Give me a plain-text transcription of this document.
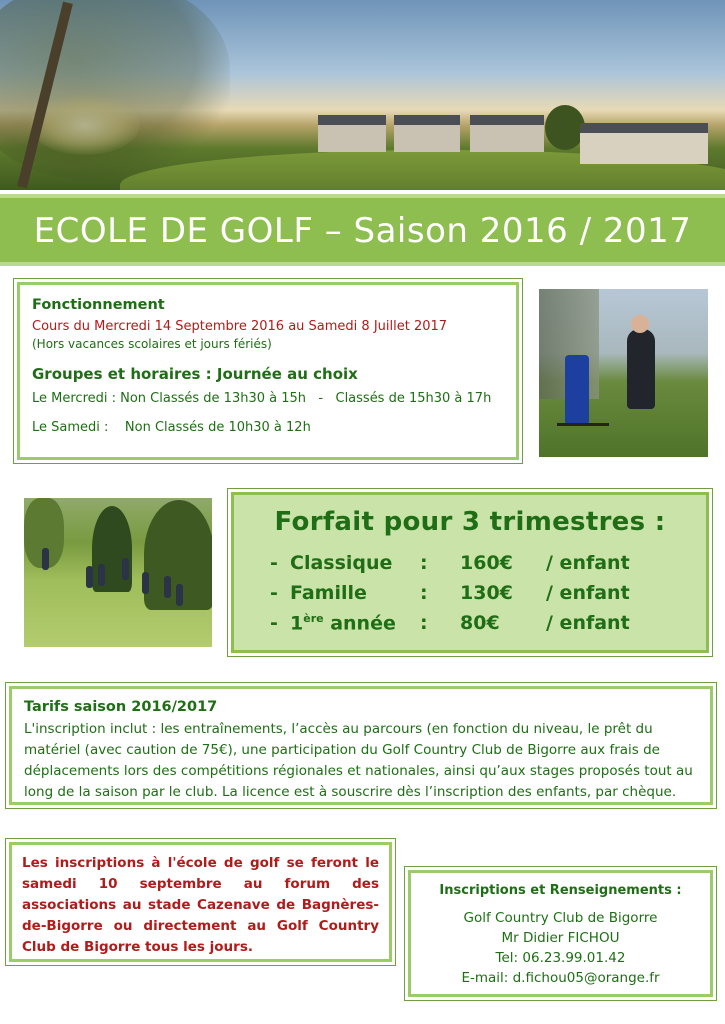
ECOLE DE GOLF – Saison 2016 / 2017
Fonctionnement

Cours du Mercredi 14 Septembre 2016 au Samedi 8 Juillet 2017

(Hors vacances scolaires et jours fériés)

Groupes et horaires : Journée au choix
Le Mercredi : Non Classés de 13h30 à 15h   -   Classés de 15h30 à 17h
Le Samedi :    Non Classés de 10h30 à 12h
Forfait pour 3 trimestres :
- Classique : 160€ / enfant
- Famille	: 130€ / enfant
- 1ère année : 80€ / enfant
Tarifs saison 2016/2017

L'inscription inclut : les entraînements, l’accès au parcours (en fonction du niveau, le prêt du matériel (avec caution de 75€), une participation du Golf Country Club de Bigorre aux frais de déplacements lors des compétitions régionales et nationales, ainsi qu’aux stages proposés tout au long de la saison par le club. La licence est à souscrire dès l’inscription des enfants, par chèque.

Les inscriptions à l'école de golf se feront le samedi 10 septembre au forum des associations au stade Cazenave de Bagnères-de-Bigorre ou directement au Golf Country Club de Bigorre tous les jours.

Inscriptions et Renseignements :

Golf Country Club de Bigorre

Mr Didier FICHOU

Tel: 06.23.99.01.42

E-mail: d.fichou05@orange.fr
